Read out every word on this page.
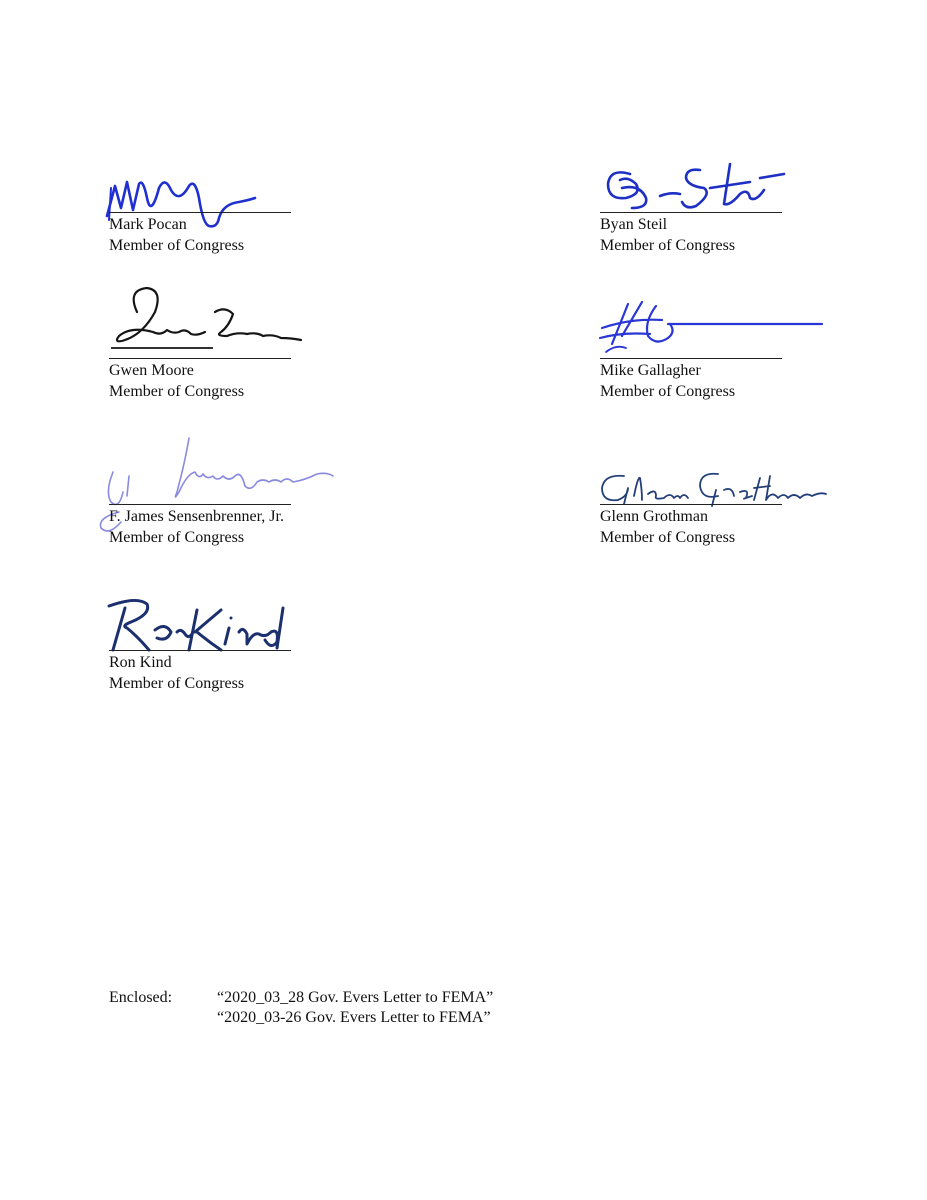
Mark Pocan
Member of Congress
Byan Steil
Member of Congress
Gwen Moore
Member of Congress
Mike Gallagher
Member of Congress
F. James Sensenbrenner, Jr.
Member of Congress
Glenn Grothman
Member of Congress
Ron Kind
Member of Congress
Enclosed:	“2020_03_28 Gov. Evers Letter to FEMA”
“2020_03-26 Gov. Evers Letter to FEMA”
